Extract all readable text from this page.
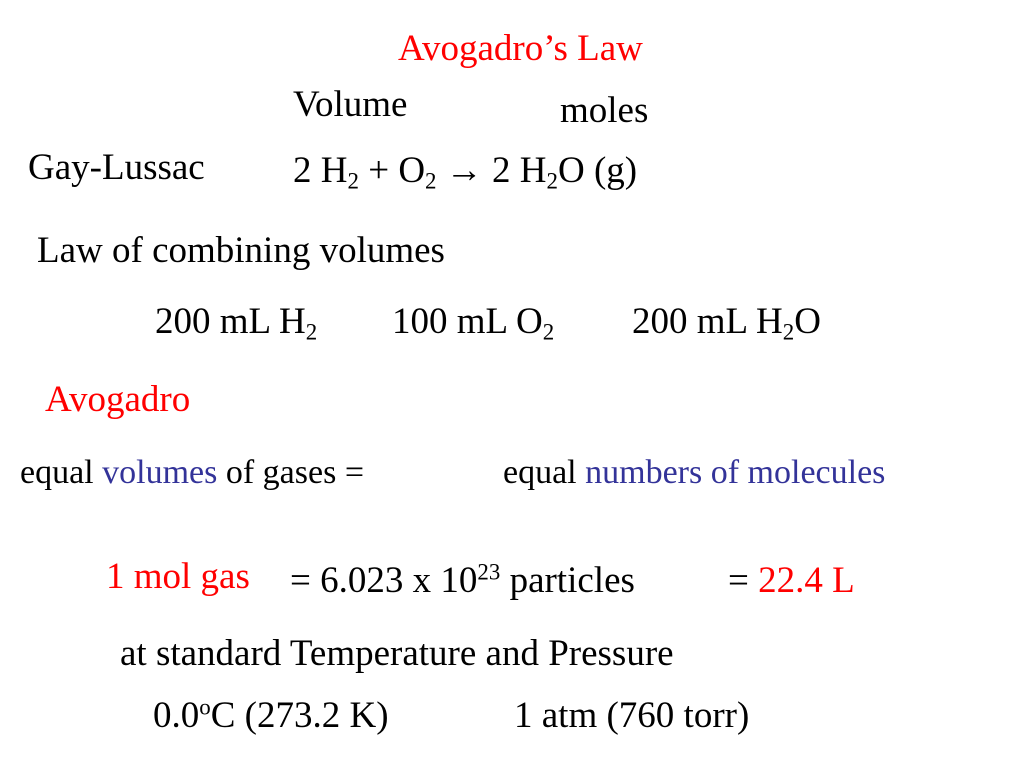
Avogadro’s Law
Volume	moles
Gay-Lussac 2 $H_2 + O_2 \to 2$ $H_2O$ (g)
Law of combining volumes
200 mL $H_2$ 100 mL $O_2$ 200 mL $H_2O$
Avogadro
equal volumes of gases =	equal numbers of molecules
1 mol gas = 6.023 x $10^{23}$ particles	= 22.4 L
at standard Temperature and Pressure
0.0$^o$C (273.2 K)	1 atm (760 torr)
